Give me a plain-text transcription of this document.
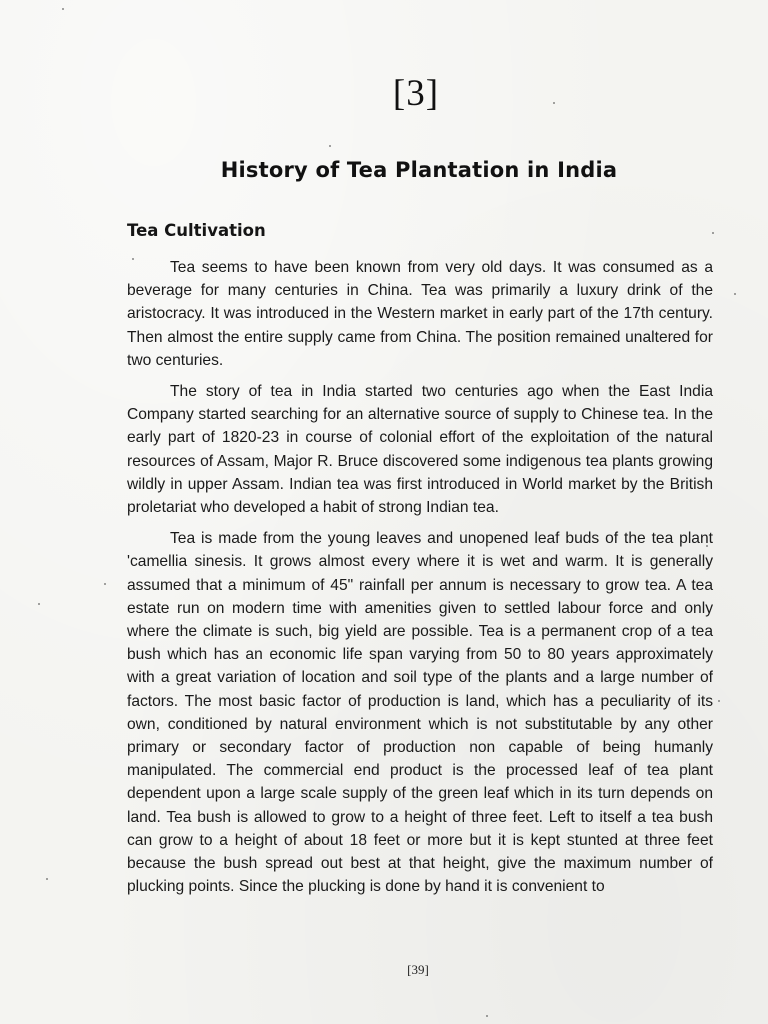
[3]
History of Tea Plantation in India
Tea Cultivation

Tea seems to have been known from very old days. It was consumed as a beverage for many centuries in China. Tea was primarily a luxury drink of the aristocracy. It was introduced in the Western market in early part of the 17th century. Then almost the entire supply came from China. The position remained unaltered for two centuries.

The story of tea in India started two centuries ago when the East India Company started searching for an alternative source of supply to Chinese tea. In the early part of 1820-23 in course of colonial effort of the exploitation of the natural resources of Assam, Major R. Bruce discovered some indigenous tea plants growing wildly in upper Assam. Indian tea was first introduced in World market by the British proletariat who developed a habit of strong Indian tea.

Tea is made from the young leaves and unopened leaf buds of the tea plant 'camellia sinesis. It grows almost every where it is wet and warm. It is generally assumed that a minimum of 45" rainfall per annum is necessary to grow tea. A tea estate run on modern time with amenities given to settled labour force and only where the climate is such, big yield are possible. Tea is a permanent crop of a tea bush which has an economic life span varying from 50 to 80 years approximately with a great variation of location and soil type of the plants and a large number of factors. The most basic factor of production is land, which has a peculiarity of its own, conditioned by natural environment which is not substitutable by any other primary or secondary factor of production non capable of being humanly manipulated. The commercial end product is the processed leaf of tea plant dependent upon a large scale supply of the green leaf which in its turn depends on land. Tea bush is allowed to grow to a height of three feet. Left to itself a tea bush can grow to a height of about 18 feet or more but it is kept stunted at three feet because the bush spread out best at that height, give the maximum number of plucking points. Since the plucking is done by hand it is convenient to

[39]
